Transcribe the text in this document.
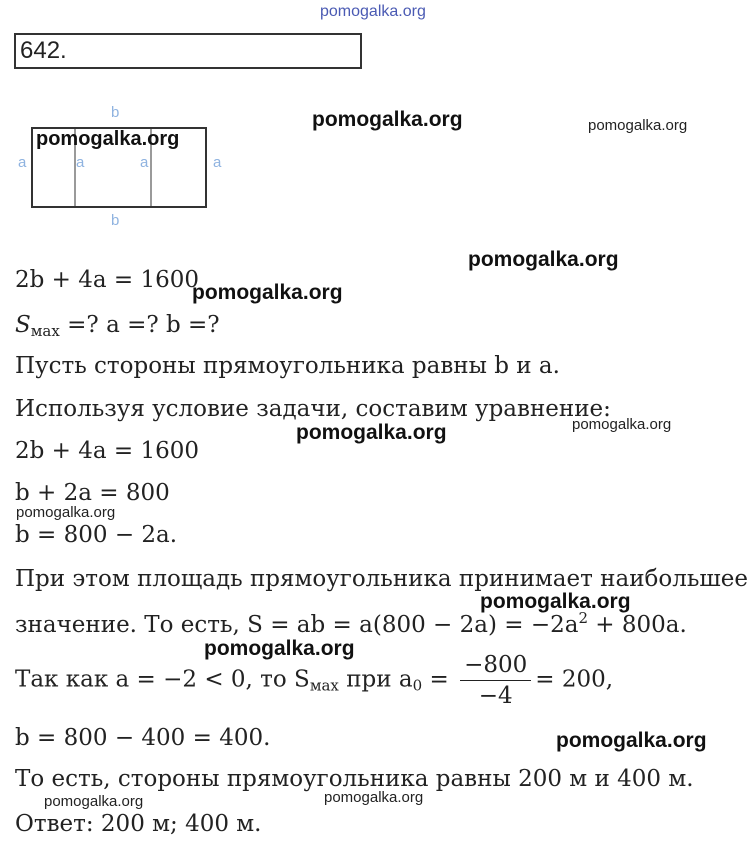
pomogalka.org
642.
b
b
a	a
a	a
2b + 4a = 1600
$S_{мах}$ =? a =? b =?
Пусть стороны прямоугольника равны b и a.
Используя условие задачи, составим уравнение:
2b + 4a = 1600
b + 2a = 800
b = 800 − 2a.
При этом площадь прямоугольника принимает наибольшее
значение. То есть, S = ab = $a(800 - 2a) = -2a^2 + 800a$.
Так как a = −2 < 0, то $S_{мах}$ при $a_0 = \frac{-800}{-4} = 200$,
b = 800 − 400 = 400.
То есть, стороны прямоугольника равны 200 м и 400 м.
Ответ: 200 м; 400 м.
pomogalka.org	pomogalka.org
pomogalka.org
pomogalka.org
pomogalka.org
pomogalka.org	pomogalka.org
pomogalka.org
pomogalka.org
pomogalka.org
pomogalka.org
pomogalka.org	pomogalka.org
